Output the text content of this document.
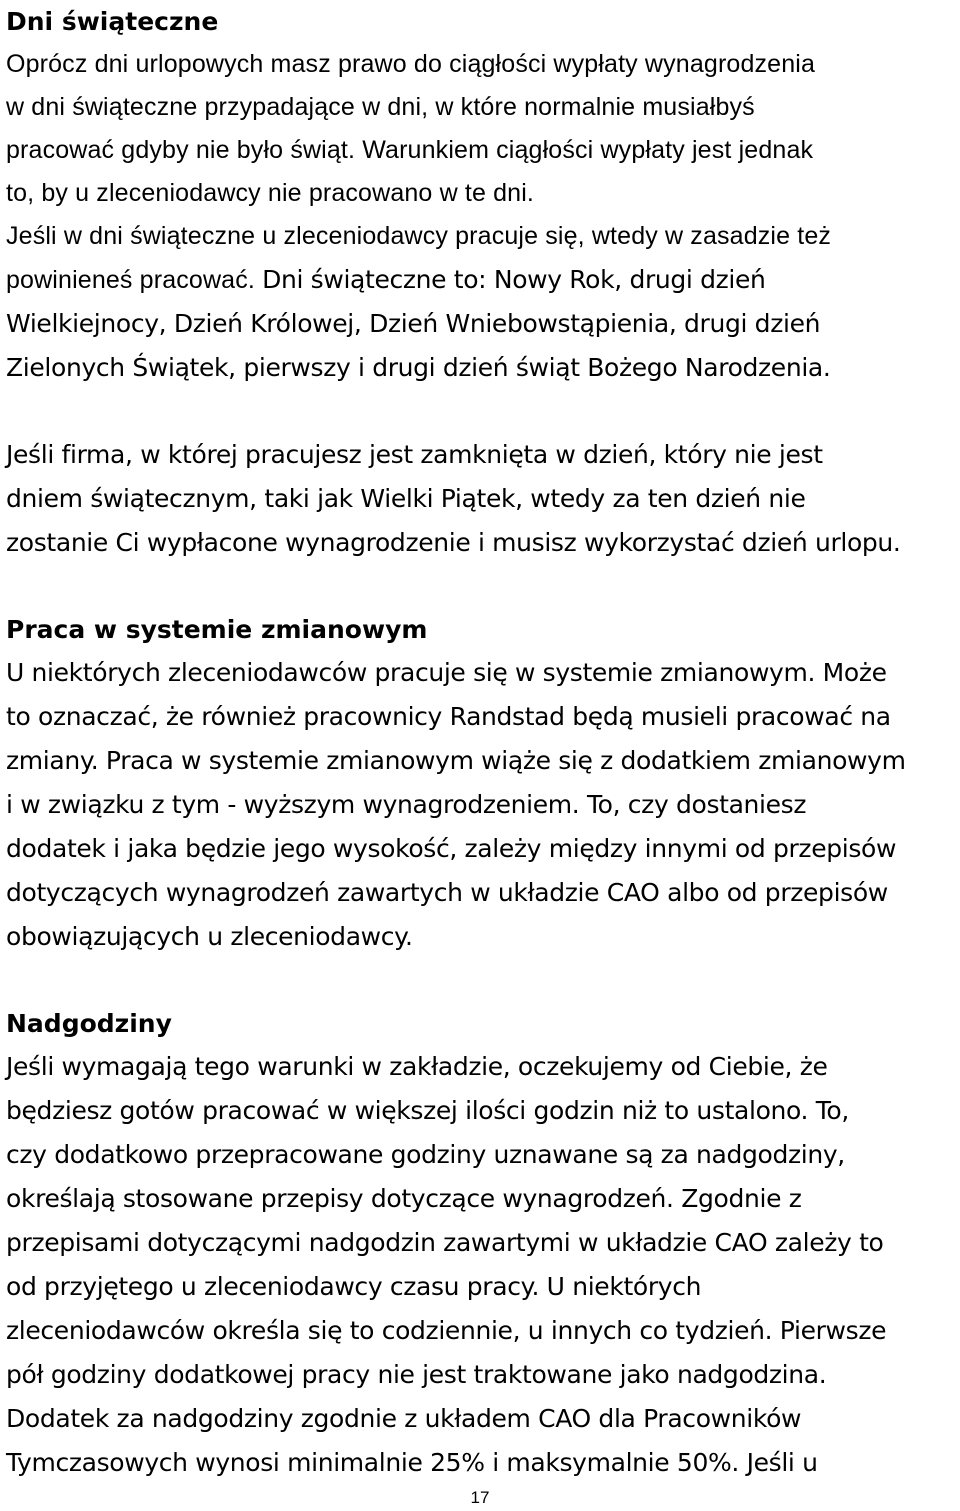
Dni świąteczne
Oprócz dni urlopowych masz prawo do ciągłości wypłaty wynagrodzenia
w dni świąteczne przypadające w dni, w które normalnie musiałbyś
pracować gdyby nie było świąt. Warunkiem ciągłości wypłaty jest jednak
to, by u zleceniodawcy nie pracowano w te dni.
Jeśli w dni świąteczne u zleceniodawcy pracuje się, wtedy w zasadzie też
powinieneś pracować. Dni świąteczne to: Nowy Rok, drugi dzień
Wielkiejnocy, Dzień Królowej, Dzień Wniebowstąpienia, drugi dzień
Zielonych Świątek, pierwszy i drugi dzień świąt Bożego Narodzenia.
Jeśli firma, w której pracujesz jest zamknięta w dzień, który nie jest
dniem świątecznym, taki jak Wielki Piątek, wtedy za ten dzień nie
zostanie Ci wypłacone wynagrodzenie i musisz wykorzystać dzień urlopu.
Praca w systemie zmianowym
U niektórych zleceniodawców pracuje się w systemie zmianowym. Może
to oznaczać, że również pracownicy Randstad będą musieli pracować na
zmiany. Praca w systemie zmianowym wiąże się z dodatkiem zmianowym
i w związku z tym - wyższym wynagrodzeniem. To, czy dostaniesz
dodatek i jaka będzie jego wysokość, zależy między innymi od przepisów
dotyczących wynagrodzeń zawartych w układzie CAO albo od przepisów
obowiązujących u zleceniodawcy.
Nadgodziny
Jeśli wymagają tego warunki w zakładzie, oczekujemy od Ciebie, że
będziesz gotów pracować w większej ilości godzin niż to ustalono. To,
czy dodatkowo przepracowane godziny uznawane są za nadgodziny,
określają stosowane przepisy dotyczące wynagrodzeń. Zgodnie z
przepisami dotyczącymi nadgodzin zawartymi w układzie CAO zależy to
od przyjętego u zleceniodawcy czasu pracy. U niektórych
zleceniodawców określa się to codziennie, u innych co tydzień. Pierwsze
pół godziny dodatkowej pracy nie jest traktowane jako nadgodzina.
Dodatek za nadgodziny zgodnie z układem CAO dla Pracowników
Tymczasowych wynosi minimalnie 25% i maksymalnie 50%. Jeśli u
17
